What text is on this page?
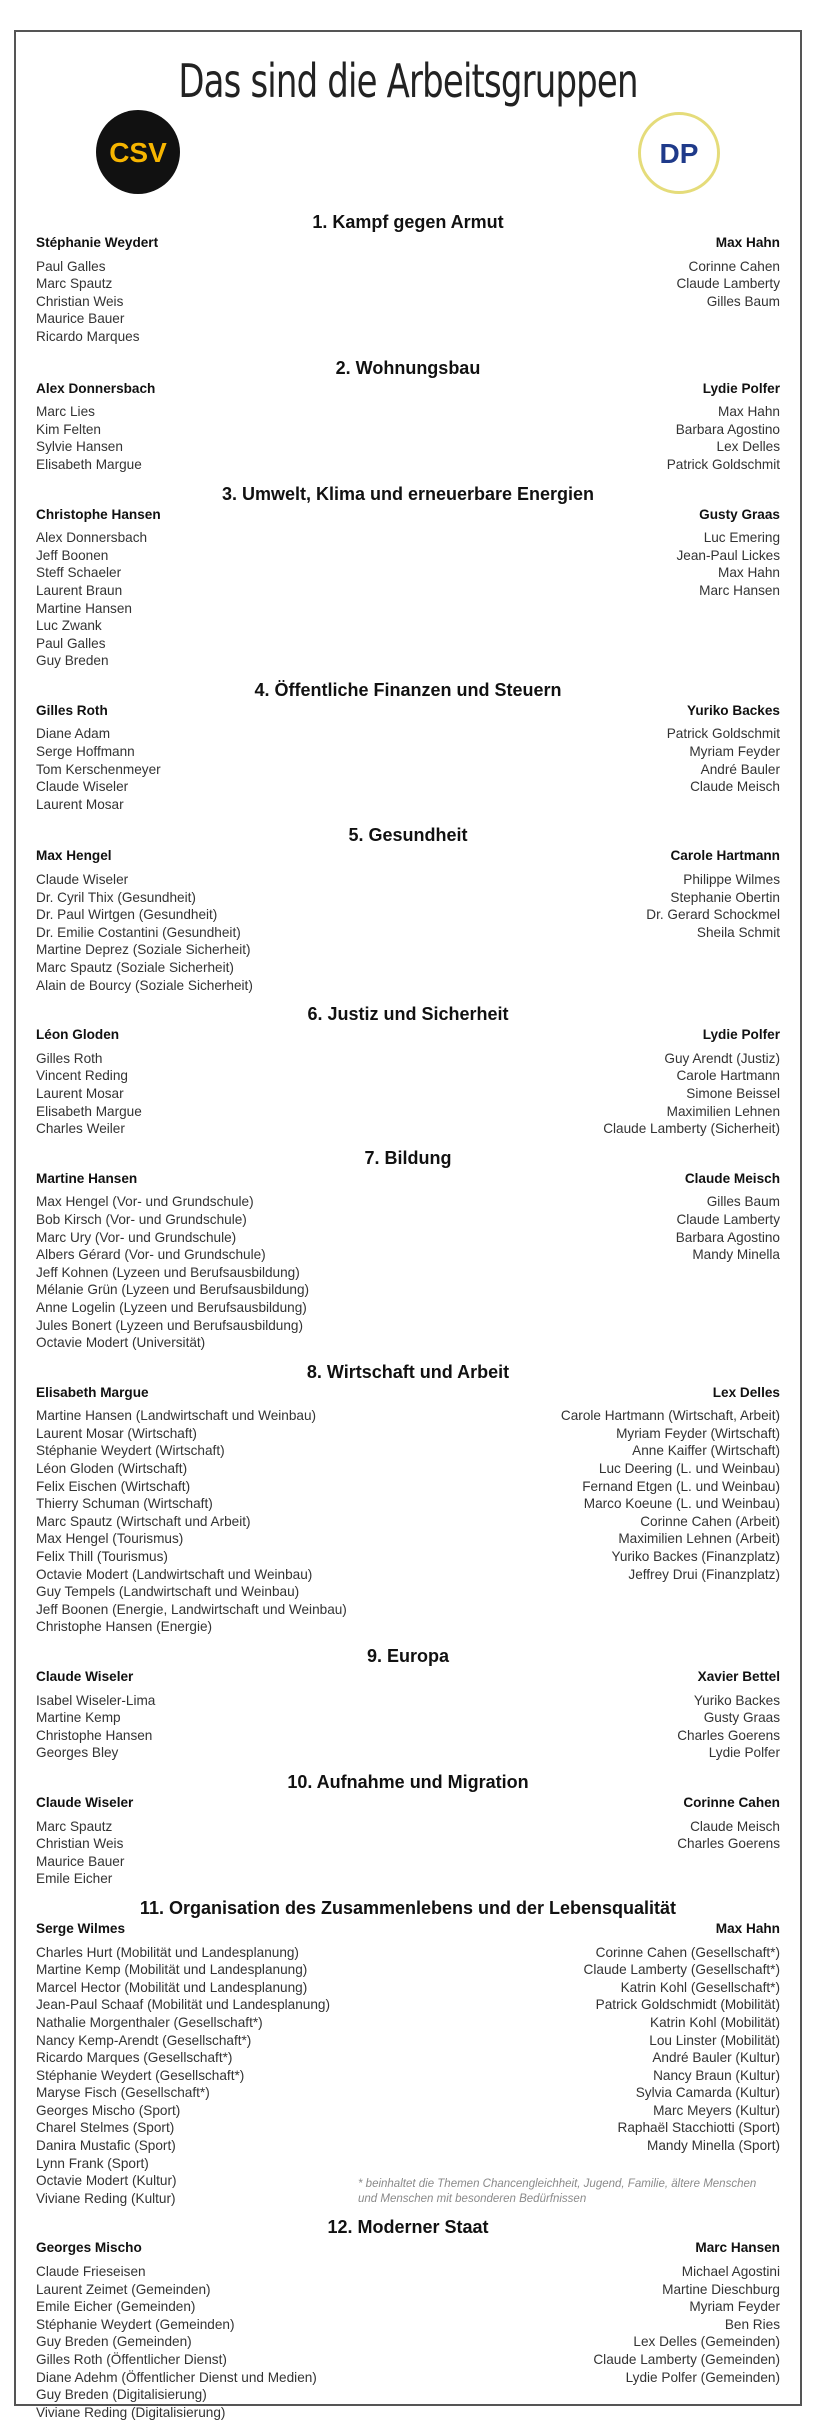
Das sind die Arbeitsgruppen
CSV	DP
1. Kampf gegen Armut
Stéphanie Weydert
Paul Galles
Marc Spautz
Christian Weis
Maurice Bauer
Ricardo Marques
Max Hahn
Corinne Cahen
Claude Lamberty
Gilles Baum
2. Wohnungsbau
Alex Donnersbach
Marc Lies
Kim Felten
Sylvie Hansen
Elisabeth Margue
Lydie Polfer
Max Hahn
Barbara Agostino
Lex Delles
Patrick Goldschmit
3. Umwelt, Klima und erneuerbare Energien
Christophe Hansen
Alex Donnersbach
Jeff Boonen
Steff Schaeler
Laurent Braun
Martine Hansen
Luc Zwank
Paul Galles
Guy Breden
Gusty Graas
Luc Emering
Jean-Paul Lickes
Max Hahn
Marc Hansen
4. Öffentliche Finanzen und Steuern
Gilles Roth
Diane Adam
Serge Hoffmann
Tom Kerschenmeyer
Claude Wiseler
Laurent Mosar
Yuriko Backes
Patrick Goldschmit
Myriam Feyder
André Bauler
Claude Meisch
5. Gesundheit
Max Hengel
Claude Wiseler
Dr. Cyril Thix (Gesundheit)
Dr. Paul Wirtgen (Gesundheit)
Dr. Emilie Costantini (Gesundheit)
Martine Deprez (Soziale Sicherheit)
Marc Spautz (Soziale Sicherheit)
Alain de Bourcy (Soziale Sicherheit)
Carole Hartmann
Philippe Wilmes
Stephanie Obertin
Dr. Gerard Schockmel
Sheila Schmit
6. Justiz und Sicherheit
Léon Gloden
Gilles Roth
Vincent Reding
Laurent Mosar
Elisabeth Margue
Charles Weiler
Lydie Polfer
Guy Arendt (Justiz)
Carole Hartmann
Simone Beissel
Maximilien Lehnen
Claude Lamberty (Sicherheit)
7. Bildung
Martine Hansen
Max Hengel (Vor- und Grundschule)
Bob Kirsch (Vor- und Grundschule)
Marc Ury (Vor- und Grundschule)
Albers Gérard (Vor- und Grundschule)
Jeff Kohnen (Lyzeen und Berufsausbildung)
Mélanie Grün (Lyzeen und Berufsausbildung)
Anne Logelin (Lyzeen und Berufsausbildung)
Jules Bonert (Lyzeen und Berufsausbildung)
Octavie Modert (Universität)
Claude Meisch
Gilles Baum
Claude Lamberty
Barbara Agostino
Mandy Minella
8. Wirtschaft und Arbeit
Elisabeth Margue
Martine Hansen (Landwirtschaft und Weinbau)
Laurent Mosar (Wirtschaft)
Stéphanie Weydert (Wirtschaft)
Léon Gloden (Wirtschaft)
Felix Eischen (Wirtschaft)
Thierry Schuman (Wirtschaft)
Marc Spautz (Wirtschaft und Arbeit)
Max Hengel (Tourismus)
Felix Thill (Tourismus)
Octavie Modert (Landwirtschaft und Weinbau)
Guy Tempels (Landwirtschaft und Weinbau)
Jeff Boonen (Energie, Landwirtschaft und Weinbau)
Christophe Hansen (Energie)
Lex Delles
Carole Hartmann (Wirtschaft, Arbeit)
Myriam Feyder (Wirtschaft)
Anne Kaiffer (Wirtschaft)
Luc Deering (L. und Weinbau)
Fernand Etgen (L. und Weinbau)
Marco Koeune (L. und Weinbau)
Corinne Cahen (Arbeit)
Maximilien Lehnen (Arbeit)
Yuriko Backes (Finanzplatz)
Jeffrey Drui (Finanzplatz)
9. Europa
Claude Wiseler
Isabel Wiseler-Lima
Martine Kemp
Christophe Hansen
Georges Bley
Xavier Bettel
Yuriko Backes
Gusty Graas
Charles Goerens
Lydie Polfer
10. Aufnahme und Migration
Claude Wiseler
Marc Spautz
Christian Weis
Maurice Bauer
Emile Eicher
Corinne Cahen
Claude Meisch
Charles Goerens
11. Organisation des Zusammenlebens und der Lebensqualität
Serge Wilmes
Charles Hurt (Mobilität und Landesplanung)
Martine Kemp (Mobilität und Landesplanung)
Marcel Hector (Mobilität und Landesplanung)
Jean-Paul Schaaf (Mobilität und Landesplanung)
Nathalie Morgenthaler (Gesellschaft*)
Nancy Kemp-Arendt (Gesellschaft*)
Ricardo Marques (Gesellschaft*)
Stéphanie Weydert (Gesellschaft*)
Maryse Fisch (Gesellschaft*)
Georges Mischo (Sport)
Charel Stelmes (Sport)
Danira Mustafic (Sport)
Lynn Frank (Sport)
Octavie Modert (Kultur)
Viviane Reding (Kultur)
Max Hahn
Corinne Cahen (Gesellschaft*)
Claude Lamberty (Gesellschaft*)
Katrin Kohl (Gesellschaft*)
Patrick Goldschmidt (Mobilität)
Katrin Kohl (Mobilität)
Lou Linster (Mobilität)
André Bauler (Kultur)
Nancy Braun (Kultur)
Sylvia Camarda (Kultur)
Marc Meyers (Kultur)
Raphaël Stacchiotti (Sport)
Mandy Minella (Sport)
* beinhaltet die Themen Chancengleichheit, Jugend, Familie, ältere Menschen und Menschen mit besonderen Bedürfnissen
12. Moderner Staat
Georges Mischo
Claude Frieseisen
Laurent Zeimet (Gemeinden)
Emile Eicher (Gemeinden)
Stéphanie Weydert (Gemeinden)
Guy Breden (Gemeinden)
Gilles Roth (Öffentlicher Dienst)
Diane Adehm (Öffentlicher Dienst und Medien)
Guy Breden (Digitalisierung)
Viviane Reding (Digitalisierung)
Marc Hansen
Michael Agostini
Martine Dieschburg
Myriam Feyder
Ben Ries
Lex Delles (Gemeinden)
Claude Lamberty (Gemeinden)
Lydie Polfer (Gemeinden)
